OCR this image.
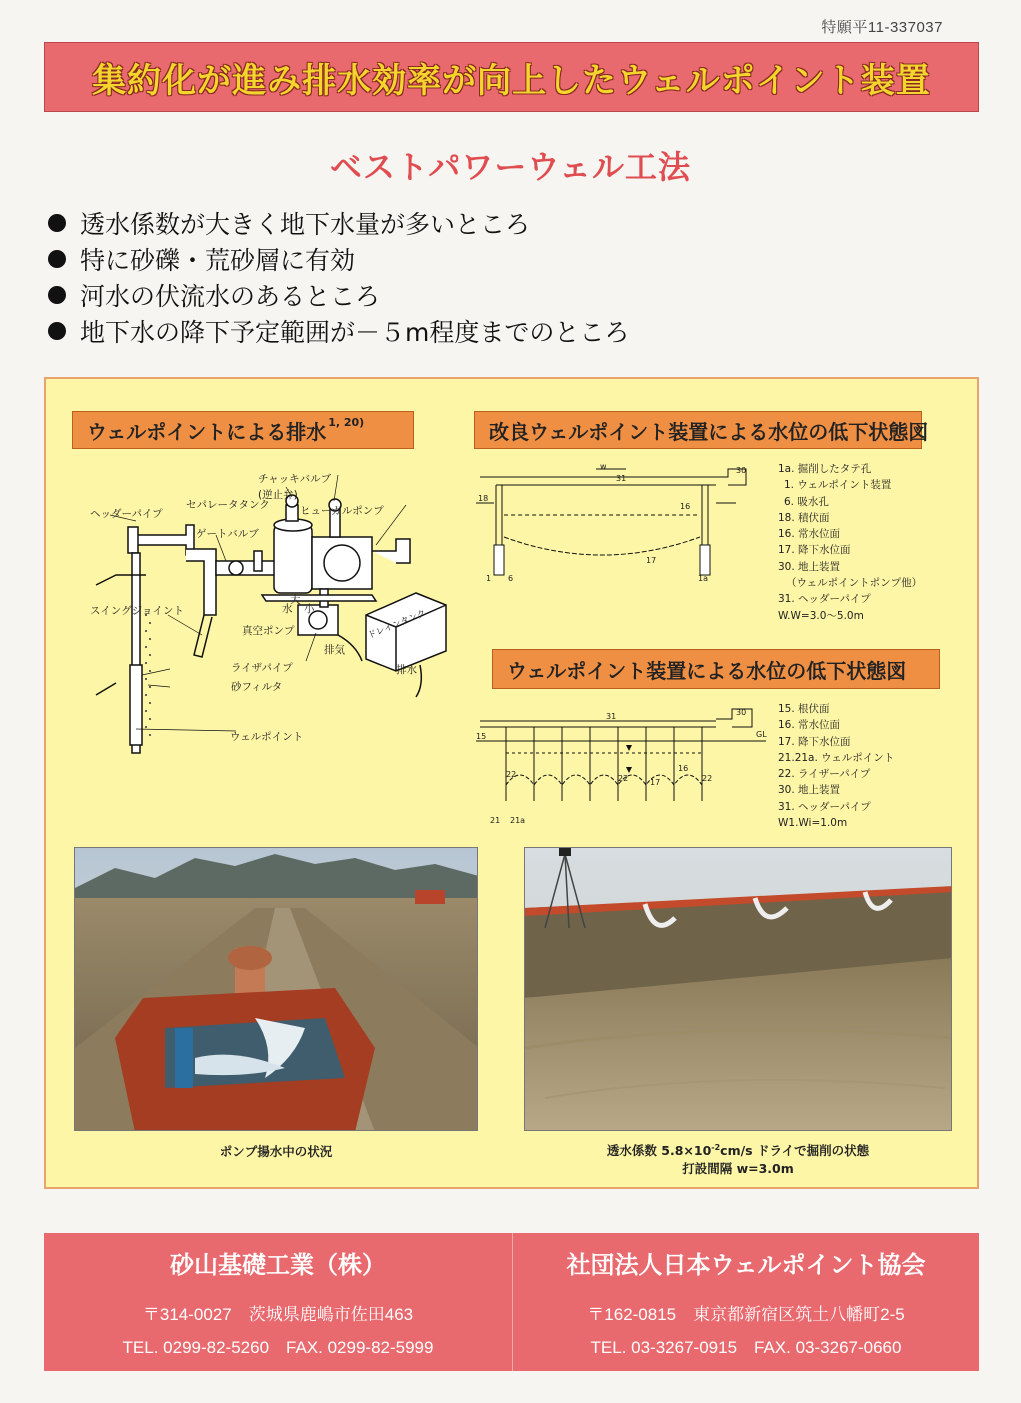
特願平11-337037
集約化が進み排水効率が向上したウェルポイント装置
ベストパワーウェル工法
透水係数が大きく地下水量が多いところ
特に砂礫・荒砂層に有効
河水の伏流水のあるところ
地下水の降下予定範囲が－５m程度までのところ
ウェルポイントによる排水$^{1, 20)}$
チャッキバルブ
(逆止弁)
セパレータタンク	ヒューガルポンプ
ヘッダーパイプ
ゲートバルブ
スイングジョイント
大
水 小	ドレインタンク
真空ポンプ
排気
ライザパイプ	排水
砂フィルタ
ウェルポイント
改良ウェルポイント装置による水位の低下状態図
w
31
30
18
16
17
1 6	1a
1a. 掘削したタテ孔
1. ウェルポイント装置
6. 吸水孔
18. 積伏面
16. 常水位面
17. 降下水位面
30. 地上装置
（ウェルポイントポンプ他）
31. ヘッダーパイプ
W.W=3.0～5.0m
ウェルポイント装置による水位の低下状態図
31	30
GL
15
22	22
16
22
17
21 21a
15. 根伏面
16. 常水位面
17. 降下水位面
21.21a. ウェルポイント
22. ライザーパイプ
30. 地上装置
31. ヘッダーパイプ
W1.Wi=1.0m
ポンプ揚水中の状況	透水係数 $5.8\times 10^{-2}cm/s$ ドライで掘削の状態
打設間隔 w=3.0m
砂山基礎工業（株）
〒314-0027　茨城県鹿嶋市佐田463
TEL. 0299-82-5260　FAX. 0299-82-5999
社団法人日本ウェルポイント協会
〒162-0815　東京都新宿区筑土八幡町2-5
TEL. 03-3267-0915　FAX. 03-3267-0660
